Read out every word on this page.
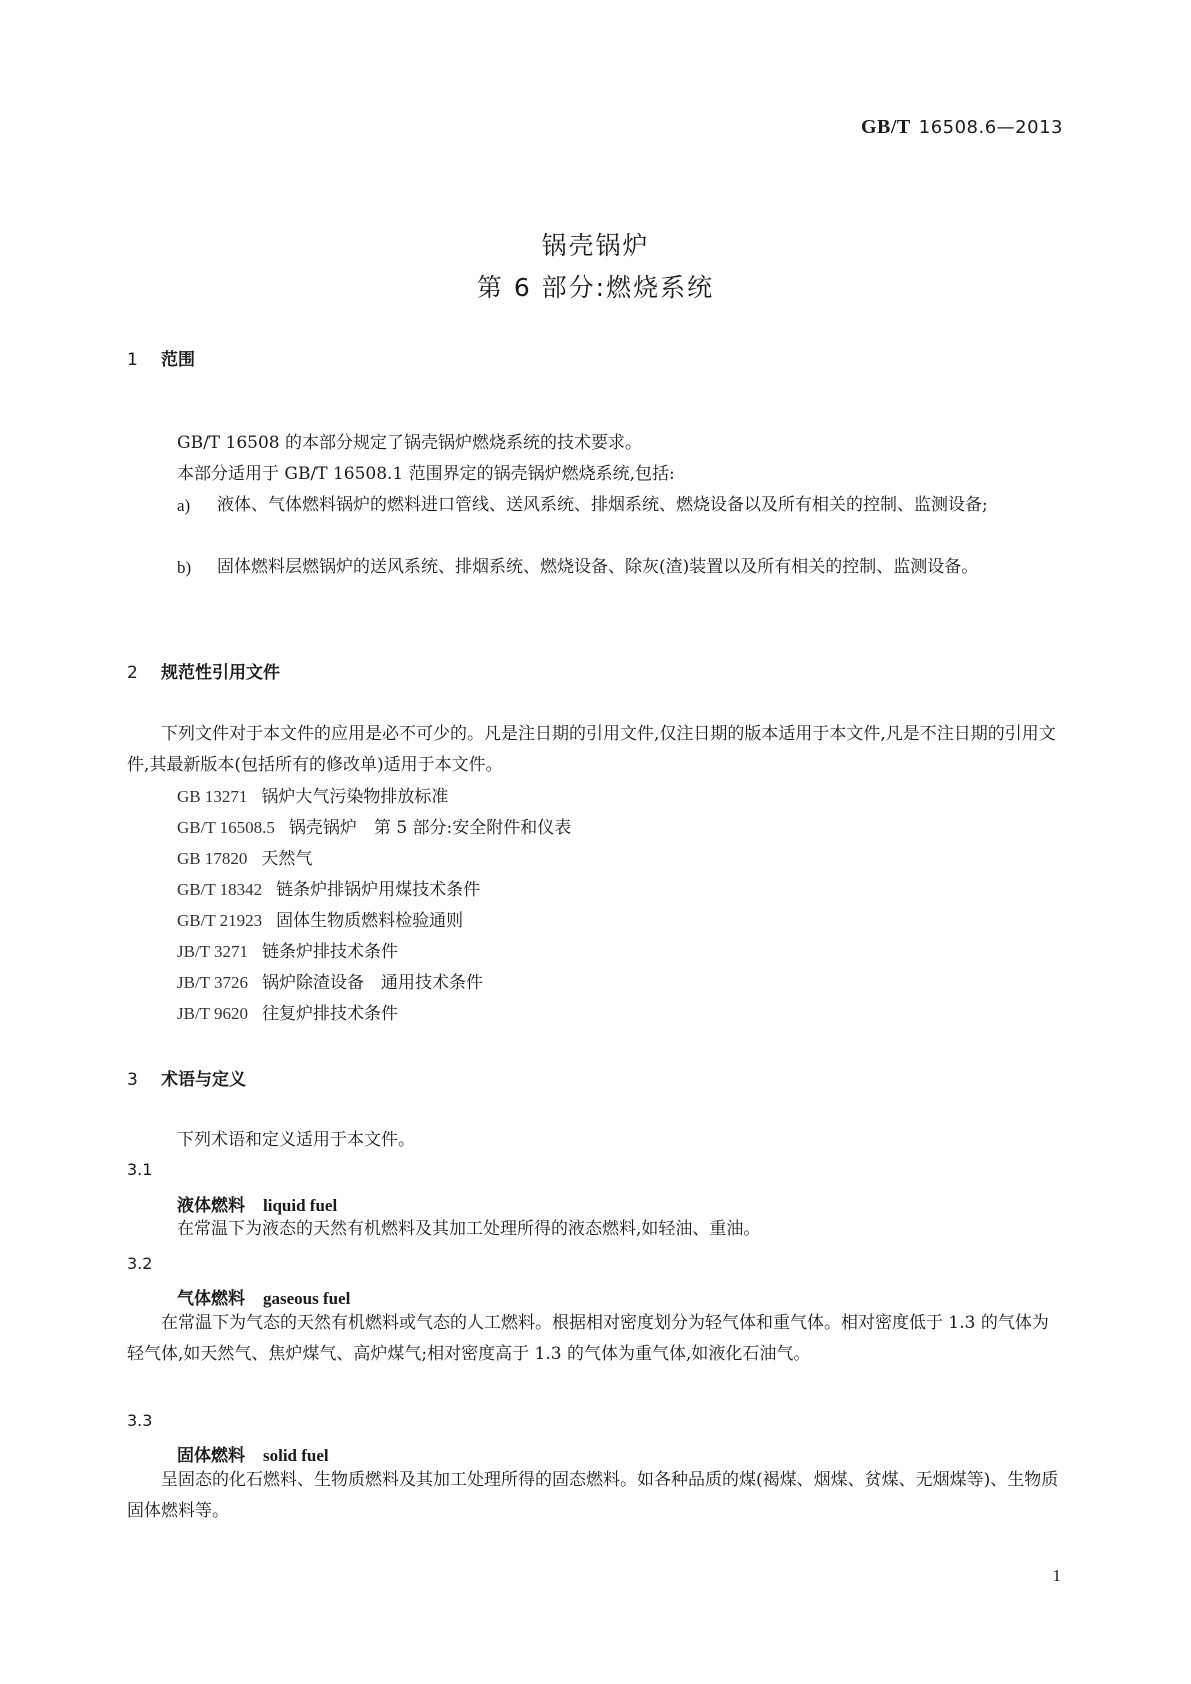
GB/T 16508.6—2013
锅壳锅炉
第 6 部分:燃烧系统
1 范围
GB/T 16508 的本部分规定了锅壳锅炉燃烧系统的技术要求。
本部分适用于 GB/T 16508.1 范围界定的锅壳锅炉燃烧系统,包括:
a)	液体、气体燃料锅炉的燃料进口管线、送风系统、排烟系统、燃烧设备以及所有相关的控制、监测设备;
b)	固体燃料层燃锅炉的送风系统、排烟系统、燃烧设备、除灰(渣)装置以及所有相关的控制、监测设备。
2 规范性引用文件
下列文件对于本文件的应用是必不可少的。凡是注日期的引用文件,仅注日期的版本适用于本文件,凡是不注日期的引用文件,其最新版本(包括所有的修改单)适用于本文件。
GB 13271 锅炉大气污染物排放标准
GB/T 16508.5 锅壳锅炉　第 5 部分:安全附件和仪表
GB 17820 天然气
GB/T 18342 链条炉排锅炉用煤技术条件
GB/T 21923 固体生物质燃料检验通则
JB/T 3271 链条炉排技术条件
JB/T 3726 锅炉除渣设备　通用技术条件
JB/T 9620 往复炉排技术条件
3 术语与定义
下列术语和定义适用于本文件。
3.1
液体燃料 liquid fuel
在常温下为液态的天然有机燃料及其加工处理所得的液态燃料,如轻油、重油。
3.2
气体燃料 gaseous fuel
在常温下为气态的天然有机燃料或气态的人工燃料。根据相对密度划分为轻气体和重气体。相对密度低于 1.3 的气体为轻气体,如天然气、焦炉煤气、高炉煤气;相对密度高于 1.3 的气体为重气体,如液化石油气。
3.3
固体燃料 solid fuel
呈固态的化石燃料、生物质燃料及其加工处理所得的固态燃料。如各种品质的煤(褐煤、烟煤、贫煤、无烟煤等)、生物质固体燃料等。
1
